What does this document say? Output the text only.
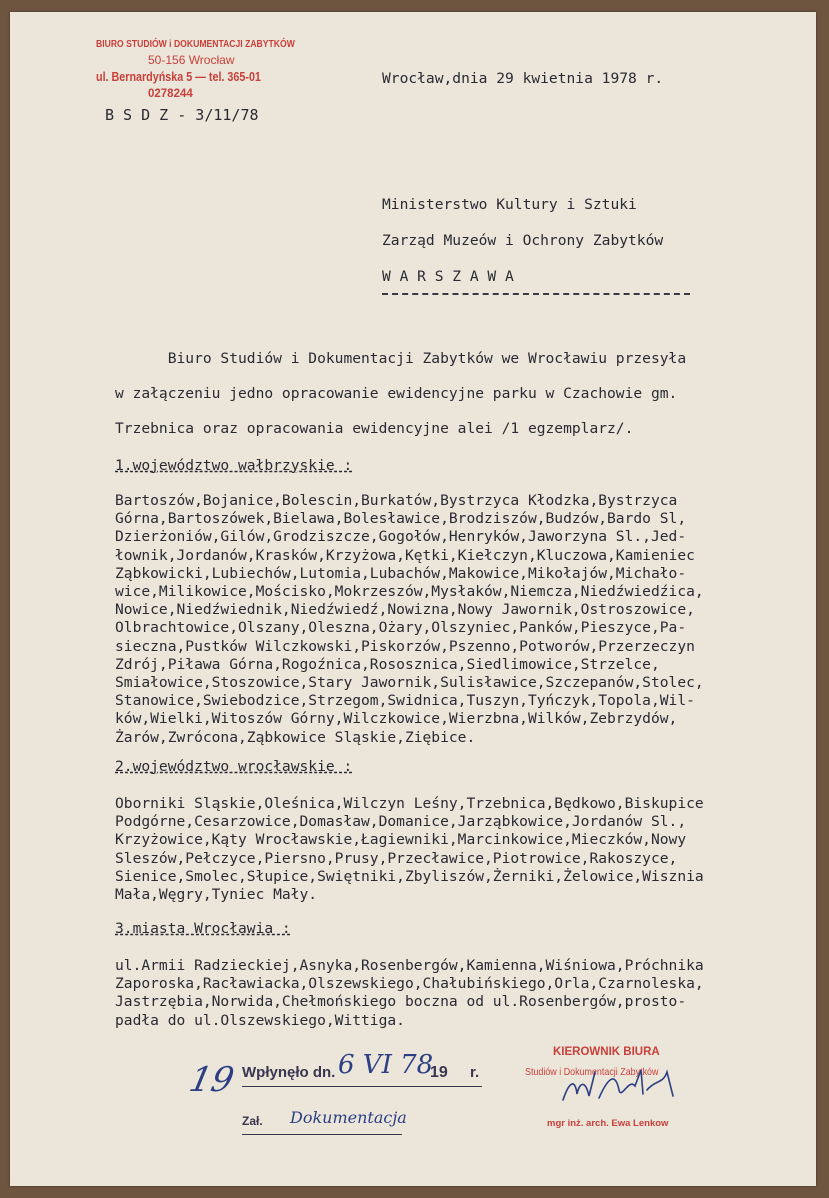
BIURO STUDIÓW i DOKUMENTACJI ZABYTKÓW
50-156 Wrocław
ul. Bernardyńska 5 — tel. 365-01
0278244
B S D Z - 3/11/78
Wrocław,dnia 29 kwietnia 1978 r.
Ministerstwo Kultury i Sztuki
Zarząd Muzeów i Ochrony Zabytków
W A R S Z A W A
Biuro Studiów i Dokumentacji Zabytków we Wrocławiu przesyła
w załączeniu jedno opracowanie ewidencyjne parku w Czachowie gm.
Trzebnica oraz opracowania ewidencyjne alei /1 egzemplarz/.
1.województwo wałbrzyskie :
Bartoszów,Bojanice,Bolescin,Burkatów,Bystrzyca Kłodzka,Bystrzyca
Górna,Bartoszówek,Bielawa,Bolesławice,Brodziszów,Budzów,Bardo Sl,
Dzierżoniów,Gilów,Grodziszcze,Gogołów,Henryków,Jaworzyna Sl.,Jed-
łownik,Jordanów,Krasków,Krzyżowa,Kętki,Kiełczyn,Kluczowa,Kamieniec
Ząbkowicki,Lubiechów,Lutomia,Lubachów,Makowice,Mikołajów,Michało-
wice,Milikowice,Mościsko,Mokrzeszów,Mysłaków,Niemcza,Niedźwiedźica,
Nowice,Niedźwiednik,Niedźwiedź,Nowizna,Nowy Jawornik,Ostroszowice,
Olbrachtowice,Olszany,Oleszna,Ożary,Olszyniec,Panków,Pieszyce,Pa-
sieczna,Pustków Wilczkowski,Piskorzów,Pszenno,Potworów,Przerzeczyn
Zdrój,Piława Górna,Rogoźnica,Rososznica,Siedlimowice,Strzelce,
Smiałowice,Stoszowice,Stary Jawornik,Sulisławice,Szczepanów,Stolec,
Stanowice,Swiebodzice,Strzegom,Swidnica,Tuszyn,Tyńczyk,Topola,Wil-
ków,Wielki,Witoszów Górny,Wilczkowice,Wierzbna,Wilków,Zebrzydów,
Żarów,Zwrócona,Ząbkowice Sląskie,Ziębice.
2.województwo wrocławskie :
Oborniki Sląskie,Oleśnica,Wilczyn Leśny,Trzebnica,Będkowo,Biskupice
Podgórne,Cesarzowice,Domasław,Domanice,Jarząbkowice,Jordanów Sl.,
Krzyżowice,Kąty Wrocławskie,Łagiewniki,Marcinkowice,Mieczków,Nowy
Sleszów,Pełczyce,Piersno,Prusy,Przecławice,Piotrowice,Rakoszyce,
Sienice,Smolec,Słupice,Swiętniki,Zbyliszów,Żerniki,Żelowice,Wisznia
Mała,Węgry,Tyniec Mały.
3.miasta Wrocławia :
ul.Armii Radzieckiej,Asnyka,Rosenbergów,Kamienna,Wiśniowa,Próchnika
Zaporoska,Racławiacka,Olszewskiego,Chałubińskiego,Orla,Czarnoleska,
Jastrzębia,Norwida,Chełmońskiego boczna od ul.Rosenbergów,prosto-
padła do ul.Olszewskiego,Wittiga.
19 Wpłynęło dn. 6 VI 78
19 r.
Zał. Dokumentacja
KIEROWNIK BIURA
Studiów i Dokumentacji Zabytków
mgr inż. arch. Ewa Lenkow
